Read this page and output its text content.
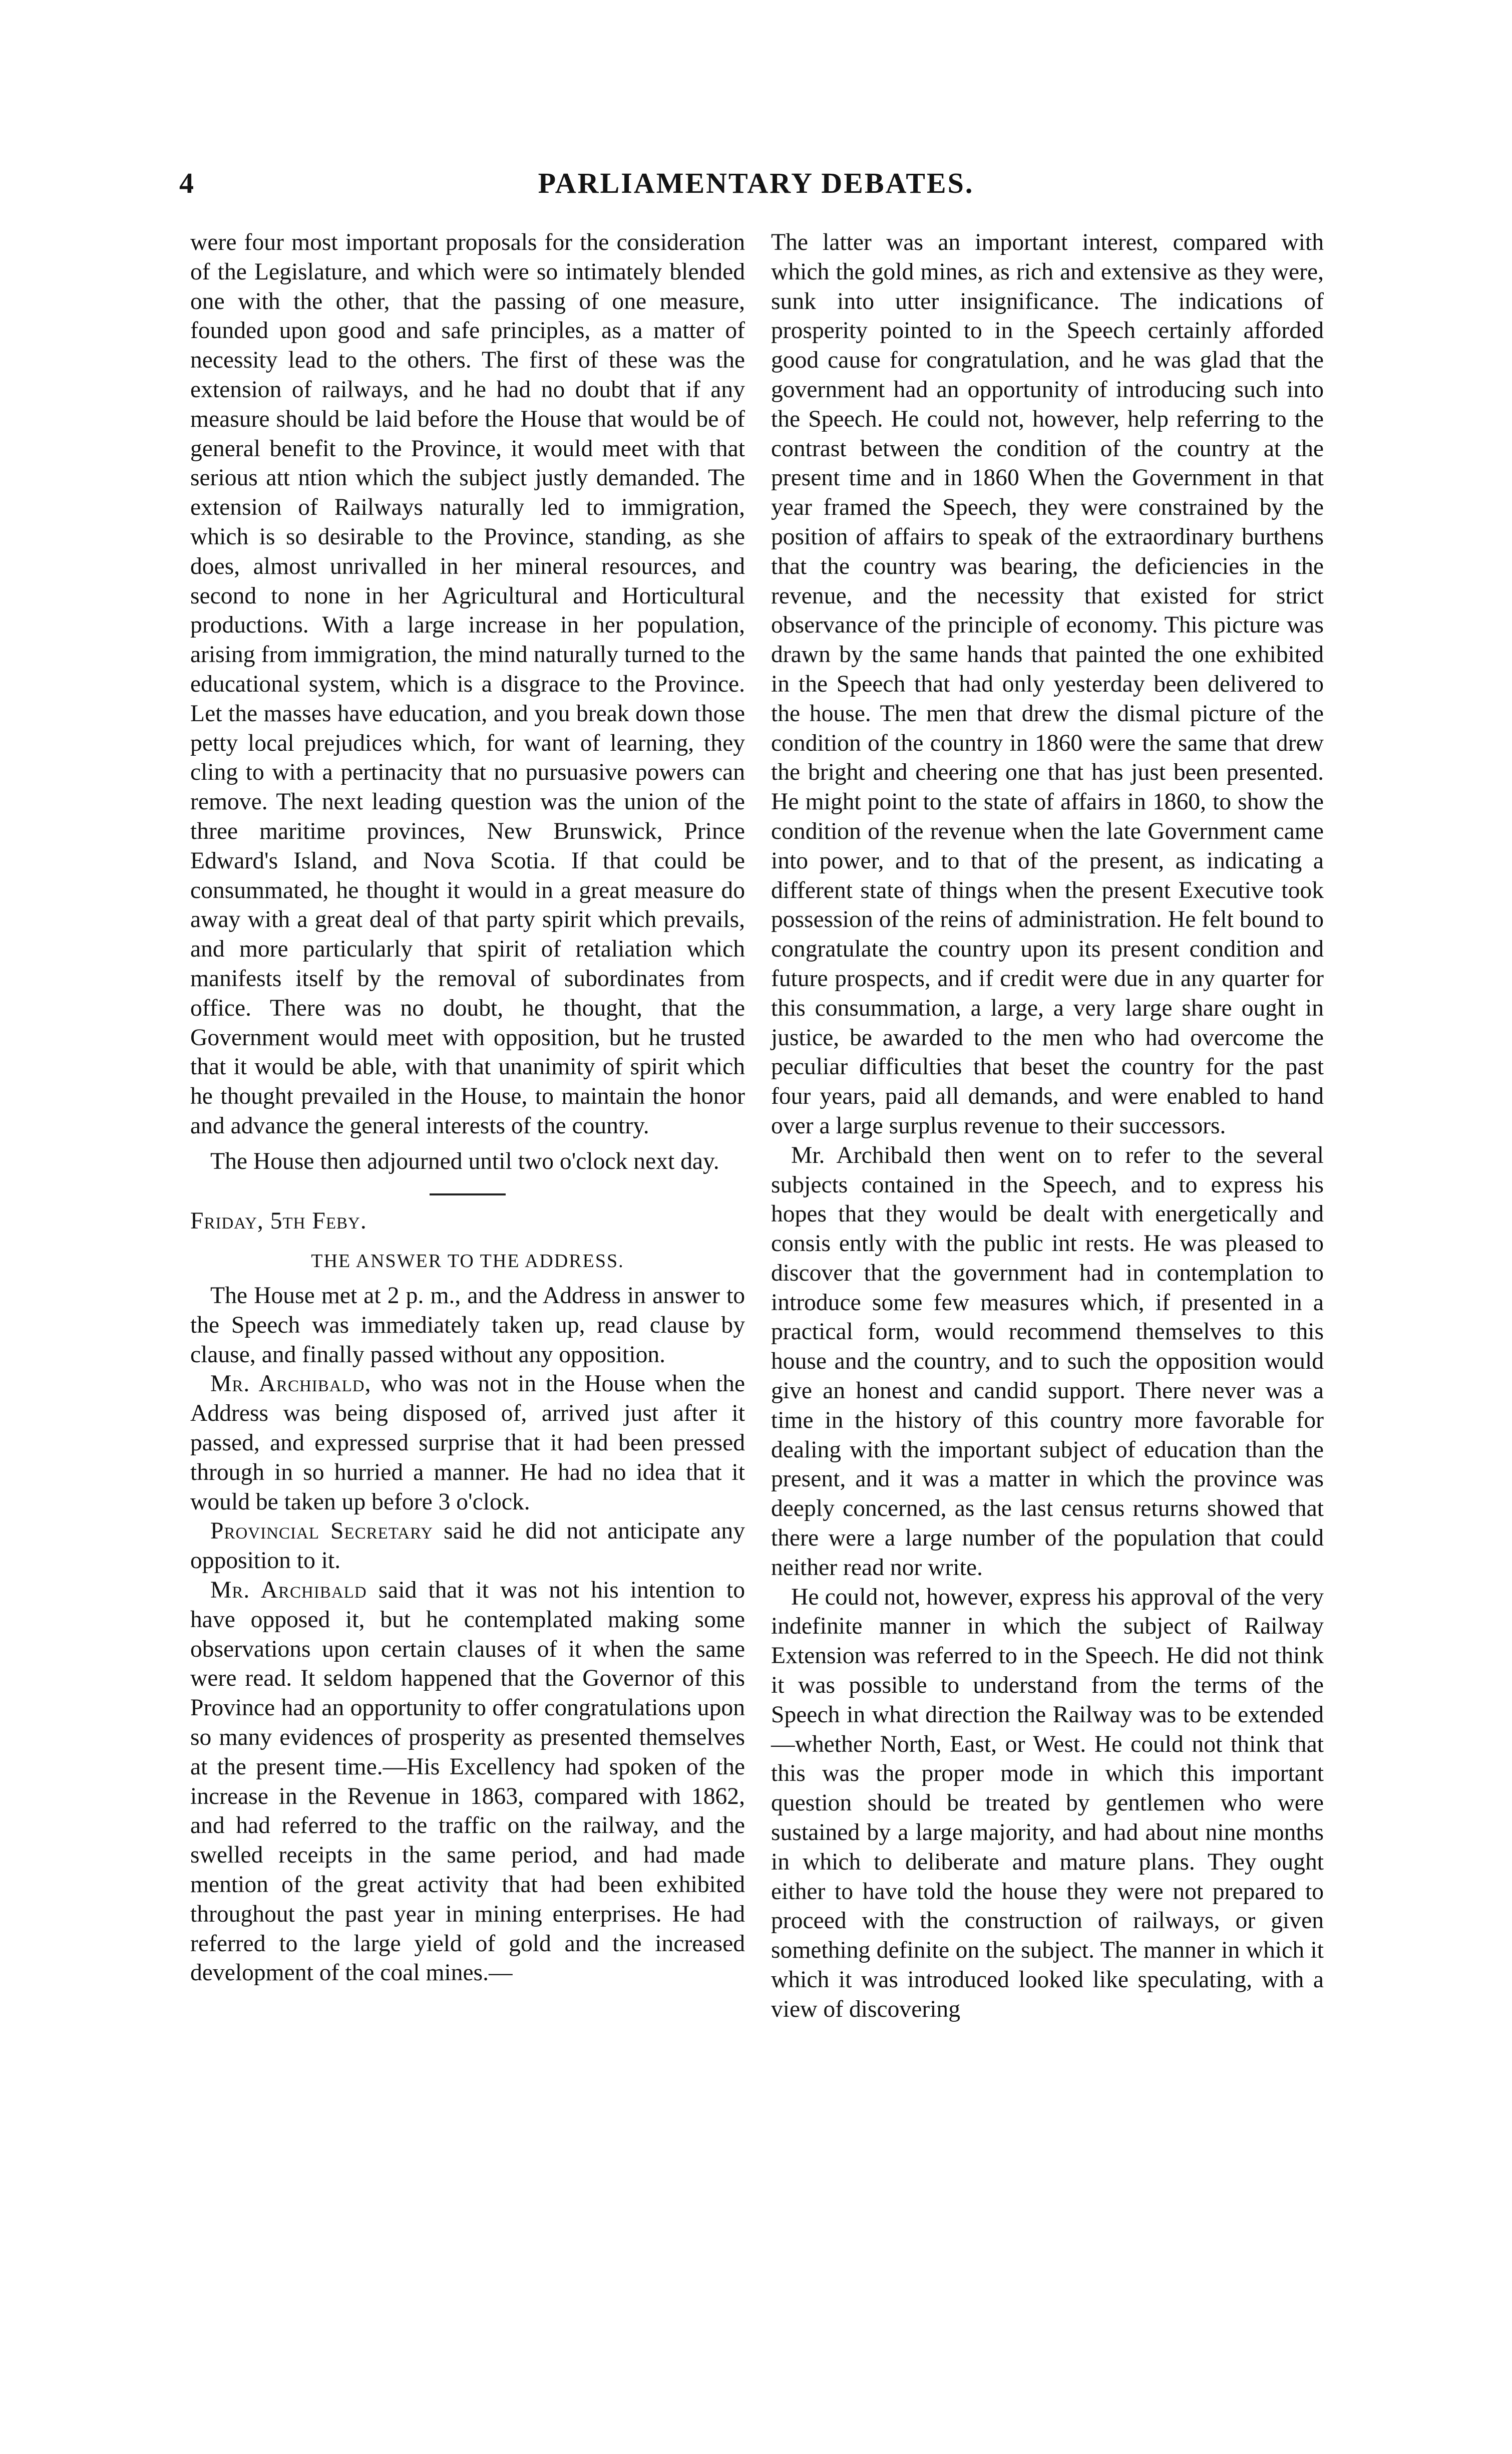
4	PARLIAMENTARY DEBATES.

were four most important proposals for the consideration of the Legislature, and which were so intimately blended one with the other, that the passing of one measure, founded upon good and safe principles, as a matter of necessity lead to the others. The first of these was the extension of railways, and he had no doubt that if any measure should be laid before the House that would be of general benefit to the Province, it would meet with that serious att ntion which the subject justly demanded. The extension of Railways naturally led to immigration, which is so desirable to the Province, standing, as she does, almost unrivalled in her mineral resources, and second to none in her Agricultural and Horticultural productions. With a large increase in her population, arising from immigration, the mind naturally turned to the educational system, which is a disgrace to the Province. Let the masses have education, and you break down those petty local prejudices which, for want of learning, they cling to with a pertinacity that no pursuasive powers can remove. The next leading question was the union of the three maritime provinces, New Brunswick, Prince Edward's Island, and Nova Scotia. If that could be consummated, he thought it would in a great measure do away with a great deal of that party spirit which prevails, and more particularly that spirit of retaliation which manifests itself by the removal of subordinates from office. There was no doubt, he thought, that the Government would meet with opposition, but he trusted that it would be able, with that unanimity of spirit which he thought prevailed in the House, to maintain the honor and advance the general interests of the country.

The House then adjourned until two o'clock next day.

Friday, 5th Feby.

THE ANSWER TO THE ADDRESS.

The House met at 2 p. m., and the Address in answer to the Speech was immediately taken up, read clause by clause, and finally passed without any opposition.

Mr. Archibald, who was not in the House when the Address was being disposed of, arrived just after it passed, and expressed surprise that it had been pressed through in so hurried a manner. He had no idea that it would be taken up before 3 o'clock.

Provincial Secretary said he did not anticipate any opposition to it.

Mr. Archibald said that it was not his intention to have opposed it, but he contemplated making some observations upon certain clauses of it when the same were read. It seldom happened that the Governor of this Province had an opportunity to offer congratulations upon so many evidences of prosperity as presented themselves at the present time.—His Excellency had spoken of the increase in the Revenue in 1863, compared with 1862, and had referred to the traffic on the railway, and the swelled receipts in the same period, and had made mention of the great activity that had been exhibited throughout the past year in mining enterprises. He had referred to the large yield of gold and the increased development of the coal mines.—

The latter was an important interest, compared with which the gold mines, as rich and extensive as they were, sunk into utter insignificance. The indications of prosperity pointed to in the Speech certainly afforded good cause for congratulation, and he was glad that the government had an opportunity of introducing such into the Speech. He could not, however, help referring to the contrast between the condition of the country at the present time and in 1860 When the Government in that year framed the Speech, they were constrained by the position of affairs to speak of the extraordinary burthens that the country was bearing, the deficiencies in the revenue, and the necessity that existed for strict observance of the principle of economy. This picture was drawn by the same hands that painted the one exhibited in the Speech that had only yesterday been delivered to the house. The men that drew the dismal picture of the condition of the country in 1860 were the same that drew the bright and cheering one that has just been presented. He might point to the state of affairs in 1860, to show the condition of the revenue when the late Government came into power, and to that of the present, as indicating a different state of things when the present Executive took possession of the reins of administration. He felt bound to congratulate the country upon its present condition and future prospects, and if credit were due in any quarter for this consummation, a large, a very large share ought in justice, be awarded to the men who had overcome the peculiar difficulties that beset the country for the past four years, paid all demands, and were enabled to hand over a large surplus revenue to their successors.

Mr. Archibald then went on to refer to the several subjects contained in the Speech, and to express his hopes that they would be dealt with energetically and consis ently with the public int rests. He was pleased to discover that the government had in contemplation to introduce some few measures which, if presented in a practical form, would recommend themselves to this house and the country, and to such the opposition would give an honest and candid support. There never was a time in the history of this country more favorable for dealing with the important subject of education than the present, and it was a matter in which the province was deeply concerned, as the last census returns showed that there were a large number of the population that could neither read nor write.

He could not, however, express his approval of the very indefinite manner in which the subject of Railway Extension was referred to in the Speech. He did not think it was possible to understand from the terms of the Speech in what direction the Railway was to be extended—whether North, East, or West. He could not think that this was the proper mode in which this important question should be treated by gentlemen who were sustained by a large majority, and had about nine months in which to deliberate and mature plans. They ought either to have told the house they were not prepared to proceed with the construction of railways, or given something definite on the subject. The manner in which it which it was introduced looked like speculating, with a view of discovering
